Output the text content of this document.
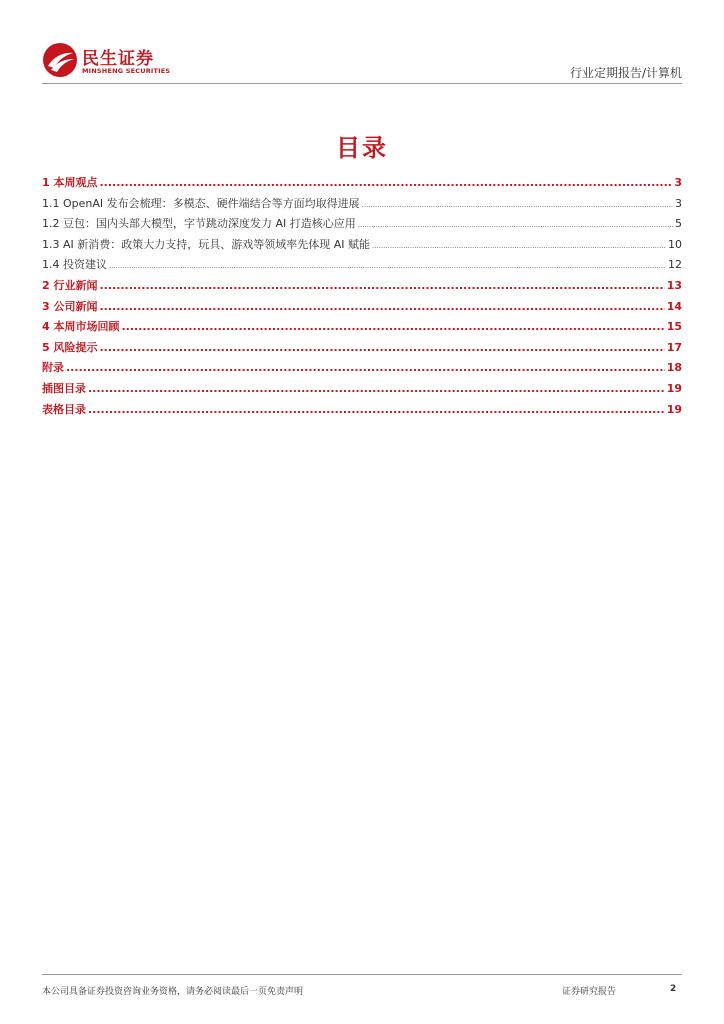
民生证券
MINSHENG SECURITIES	行业定期报告/计算机
目录
1 本周观点 .....	3
1.1 OpenAI 发布会梳理：多模态、硬件端结合等方面均取得进展 .....	3
1.2 豆包：国内头部大模型，字节跳动深度发力 AI 打造核心应用 .....	5
1.3 AI 新消费：政策大力支持，玩具、游戏等领域率先体现 AI 赋能 .....	10
1.4 投资建议 .....	12
2 行业新闻 .....	13
3 公司新闻 .....	14
4 本周市场回顾 .....	15
5 风险提示 .....	17
附录 .....	18
插图目录 .....	19
表格目录 .....	19
本公司具备证券投资咨询业务资格，请务必阅读最后一页免责声明	证券研究报告	2
